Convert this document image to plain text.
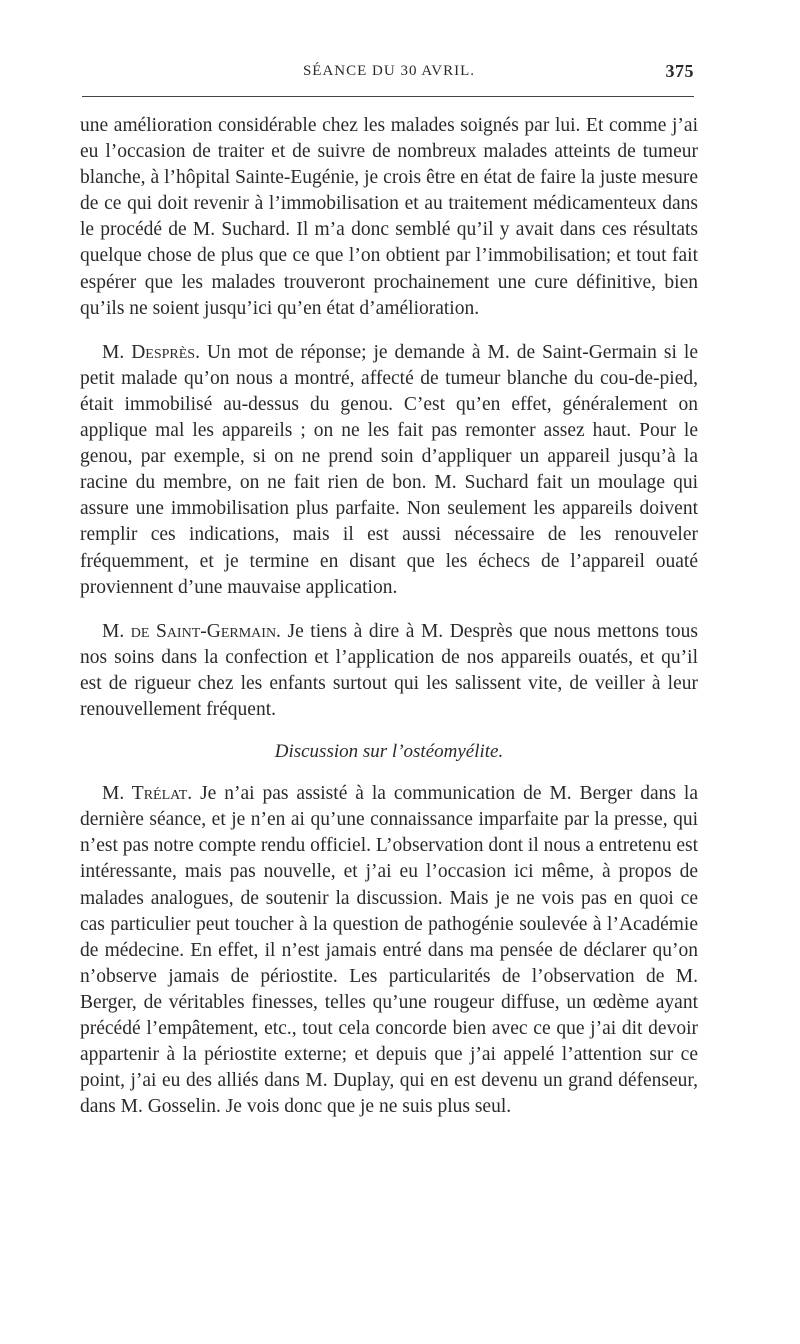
SÉANCE DU 30 AVRIL.	375

une amélioration considérable chez les malades soignés par lui. Et comme j’ai eu l’occasion de traiter et de suivre de nombreux malades atteints de tumeur blanche, à l’hôpital Sainte-Eugénie, je crois être en état de faire la juste mesure de ce qui doit revenir à l’immobilisation et au traitement médicamenteux dans le procédé de M. Suchard. Il m’a donc semblé qu’il y avait dans ces résultats quelque chose de plus que ce que l’on obtient par l’immobilisation; et tout fait espérer que les malades trouveront prochainement une cure définitive, bien qu’ils ne soient jusqu’ici qu’en état d’amélioration.

M. Desprès. Un mot de réponse; je demande à M. de Saint-Germain si le petit malade qu’on nous a montré, affecté de tumeur blanche du cou-de-pied, était immobilisé au-dessus du genou. C’est qu’en effet, généralement on applique mal les appareils ; on ne les fait pas remonter assez haut. Pour le genou, par exemple, si on ne prend soin d’appliquer un appareil jusqu’à la racine du membre, on ne fait rien de bon. M. Suchard fait un moulage qui assure une immobilisation plus parfaite. Non seulement les appareils doivent remplir ces indications, mais il est aussi nécessaire de les renouveler fréquemment, et je termine en disant que les échecs de l’appareil ouaté proviennent d’une mauvaise application.

M. de Saint-Germain. Je tiens à dire à M. Desprès que nous mettons tous nos soins dans la confection et l’application de nos appareils ouatés, et qu’il est de rigueur chez les enfants surtout qui les salissent vite, de veiller à leur renouvellement fréquent.

Discussion sur l’ostéomyélite.

M. Trélat. Je n’ai pas assisté à la communication de M. Berger dans la dernière séance, et je n’en ai qu’une connaissance imparfaite par la presse, qui n’est pas notre compte rendu officiel. L’observation dont il nous a entretenu est intéressante, mais pas nouvelle, et j’ai eu l’occasion ici même, à propos de malades analogues, de soutenir la discussion. Mais je ne vois pas en quoi ce cas particulier peut toucher à la question de pathogénie soulevée à l’Académie de médecine. En effet, il n’est jamais entré dans ma pensée de déclarer qu’on n’observe jamais de périostite. Les particularités de l’observation de M. Berger, de véritables finesses, telles qu’une rougeur diffuse, un œdème ayant précédé l’empâtement, etc., tout cela concorde bien avec ce que j’ai dit devoir appartenir à la périostite externe; et depuis que j’ai appelé l’attention sur ce point, j’ai eu des alliés dans M. Duplay, qui en est devenu un grand défenseur, dans M. Gosselin. Je vois donc que je ne suis plus seul.
